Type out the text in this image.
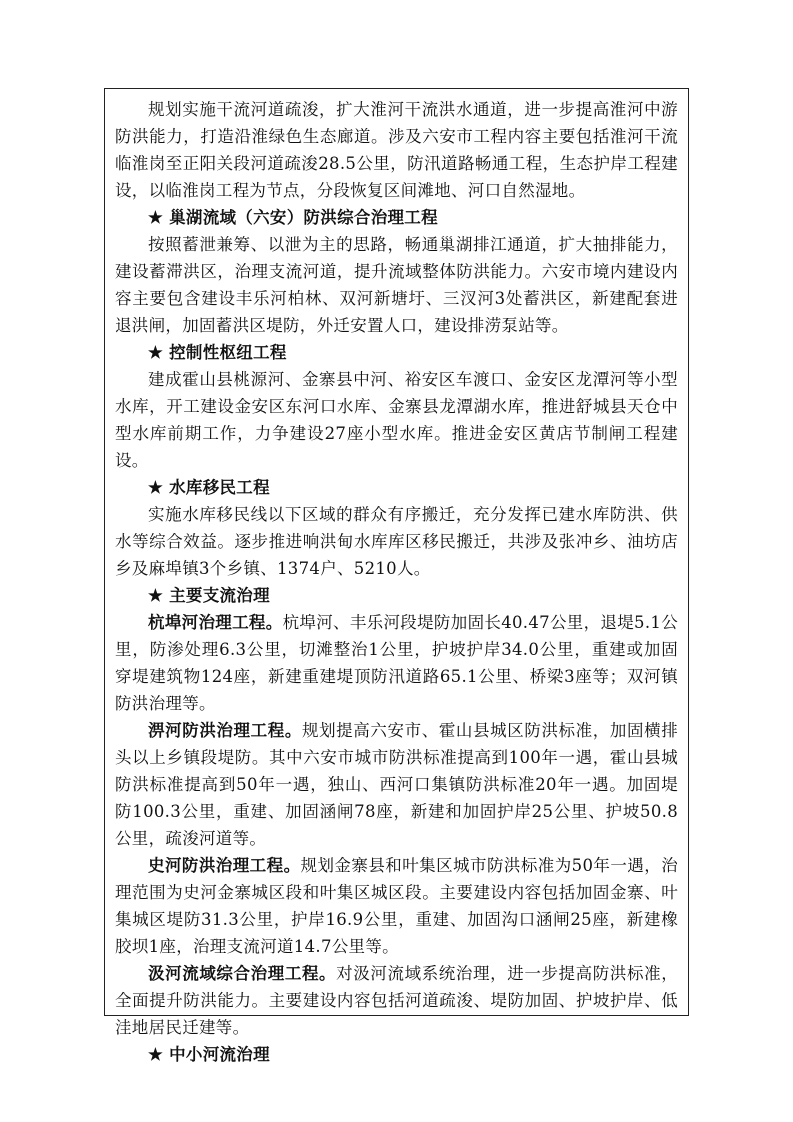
规划实施干流河道疏浚，扩大淮河干流洪水通道，进一步提高淮河中游防洪能力，打造沿淮绿色生态廊道。涉及六安市工程内容主要包括淮河干流临淮岗至正阳关段河道疏浚28.5公里，防汛道路畅通工程，生态护岸工程建设，以临淮岗工程为节点，分段恢复区间滩地、河口自然湿地。

★ 巢湖流域（六安）防洪综合治理工程

按照蓄泄兼筹、以泄为主的思路，畅通巢湖排江通道，扩大抽排能力，建设蓄滞洪区，治理支流河道，提升流域整体防洪能力。六安市境内建设内容主要包含建设丰乐河柏林、双河新塘圩、三汊河3处蓄洪区，新建配套进退洪闸，加固蓄洪区堤防，外迁安置人口，建设排涝泵站等。

★ 控制性枢纽工程

建成霍山县桃源河、金寨县中河、裕安区车渡口、金安区龙潭河等小型水库，开工建设金安区东河口水库、金寨县龙潭湖水库，推进舒城县天仓中型水库前期工作，力争建设27座小型水库。推进金安区黄店节制闸工程建设。

★ 水库移民工程

实施水库移民线以下区域的群众有序搬迁，充分发挥已建水库防洪、供水等综合效益。逐步推进响洪甸水库库区移民搬迁，共涉及张冲乡、油坊店乡及麻埠镇3个乡镇、1374户、5210人。

★ 主要支流治理

杭埠河治理工程。杭埠河、丰乐河段堤防加固长40.47公里，退堤5.1公里，防渗处理6.3公里，切滩整治1公里，护坡护岸34.0公里，重建或加固穿堤建筑物124座，新建重建堤顶防汛道路65.1公里、桥梁3座等；双河镇防洪治理等。

淠河防洪治理工程。规划提高六安市、霍山县城区防洪标准，加固横排头以上乡镇段堤防。其中六安市城市防洪标准提高到100年一遇，霍山县城防洪标准提高到50年一遇，独山、西河口集镇防洪标准20年一遇。加固堤防100.3公里，重建、加固涵闸78座，新建和加固护岸25公里、护坡50.8公里，疏浚河道等。

史河防洪治理工程。规划金寨县和叶集区城市防洪标准为50年一遇，治理范围为史河金寨城区段和叶集区城区段。主要建设内容包括加固金寨、叶集城区堤防31.3公里，护岸16.9公里，重建、加固沟口涵闸25座，新建橡胶坝1座，治理支流河道14.7公里等。

汲河流域综合治理工程。对汲河流域系统治理，进一步提高防洪标准，全面提升防洪能力。主要建设内容包括河道疏浚、堤防加固、护坡护岸、低洼地居民迁建等。

★ 中小河流治理
